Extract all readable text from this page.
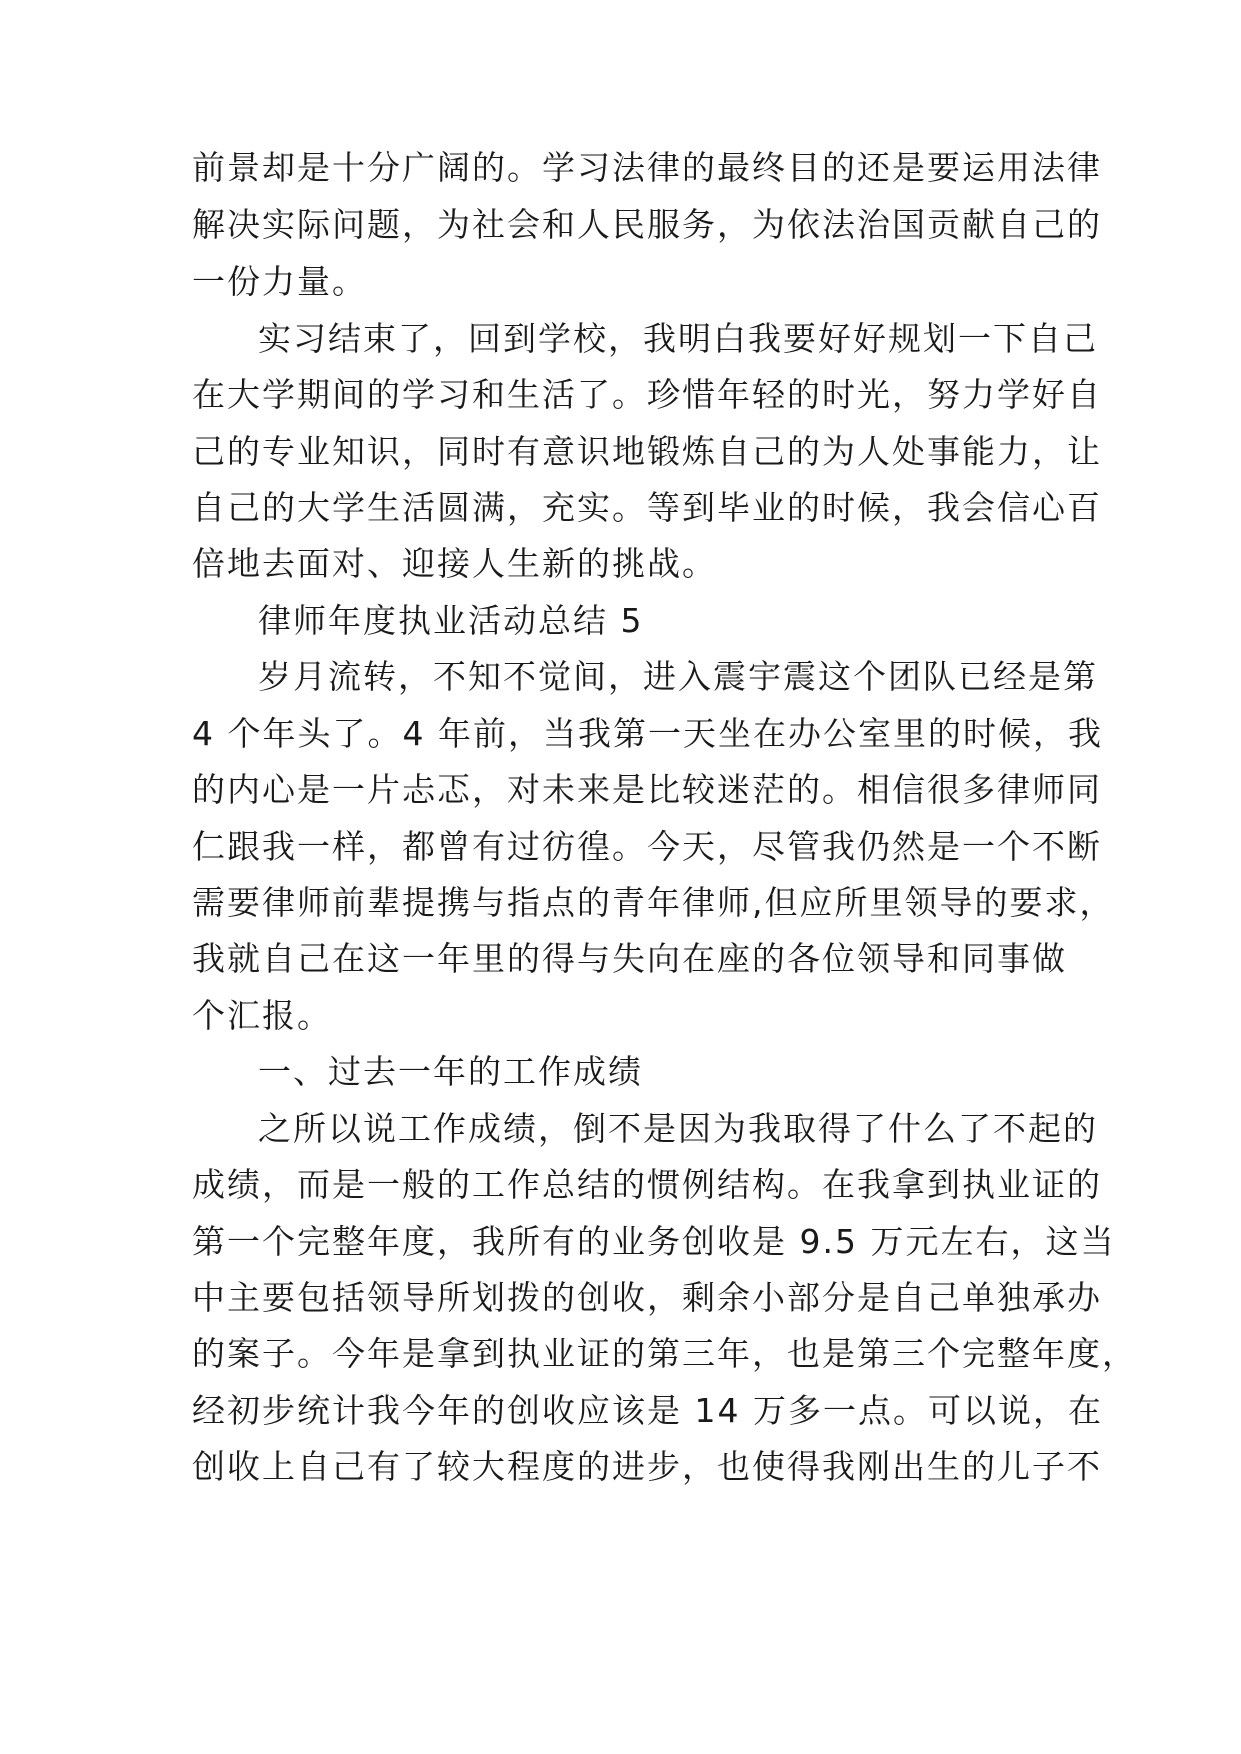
前景却是十分广阔的。学习法律的最终目的还是要运用法律
解决实际问题，为社会和人民服务，为依法治国贡献自己的
一份力量。
实习结束了，回到学校，我明白我要好好规划一下自己
在大学期间的学习和生活了。珍惜年轻的时光，努力学好自
己的专业知识，同时有意识地锻炼自己的为人处事能力，让
自己的大学生活圆满，充实。等到毕业的时候，我会信心百
倍地去面对、迎接人生新的挑战。
律师年度执业活动总结 5
岁月流转，不知不觉间，进入震宇震这个团队已经是第
4 个年头了。4 年前，当我第一天坐在办公室里的时候，我
的内心是一片忐忑，对未来是比较迷茫的。相信很多律师同
仁跟我一样，都曾有过彷徨。今天，尽管我仍然是一个不断
需要律师前辈提携与指点的青年律师,但应所里领导的要求，
我就自己在这一年里的得与失向在座的各位领导和同事做
个汇报。
一、过去一年的工作成绩
之所以说工作成绩，倒不是因为我取得了什么了不起的
成绩，而是一般的工作总结的惯例结构。在我拿到执业证的
第一个完整年度，我所有的业务创收是 9.5 万元左右，这当
中主要包括领导所划拨的创收，剩余小部分是自己单独承办
的案子。今年是拿到执业证的第三年，也是第三个完整年度，
经初步统计我今年的创收应该是 14 万多一点。可以说，在
创收上自己有了较大程度的进步，也使得我刚出生的儿子不
